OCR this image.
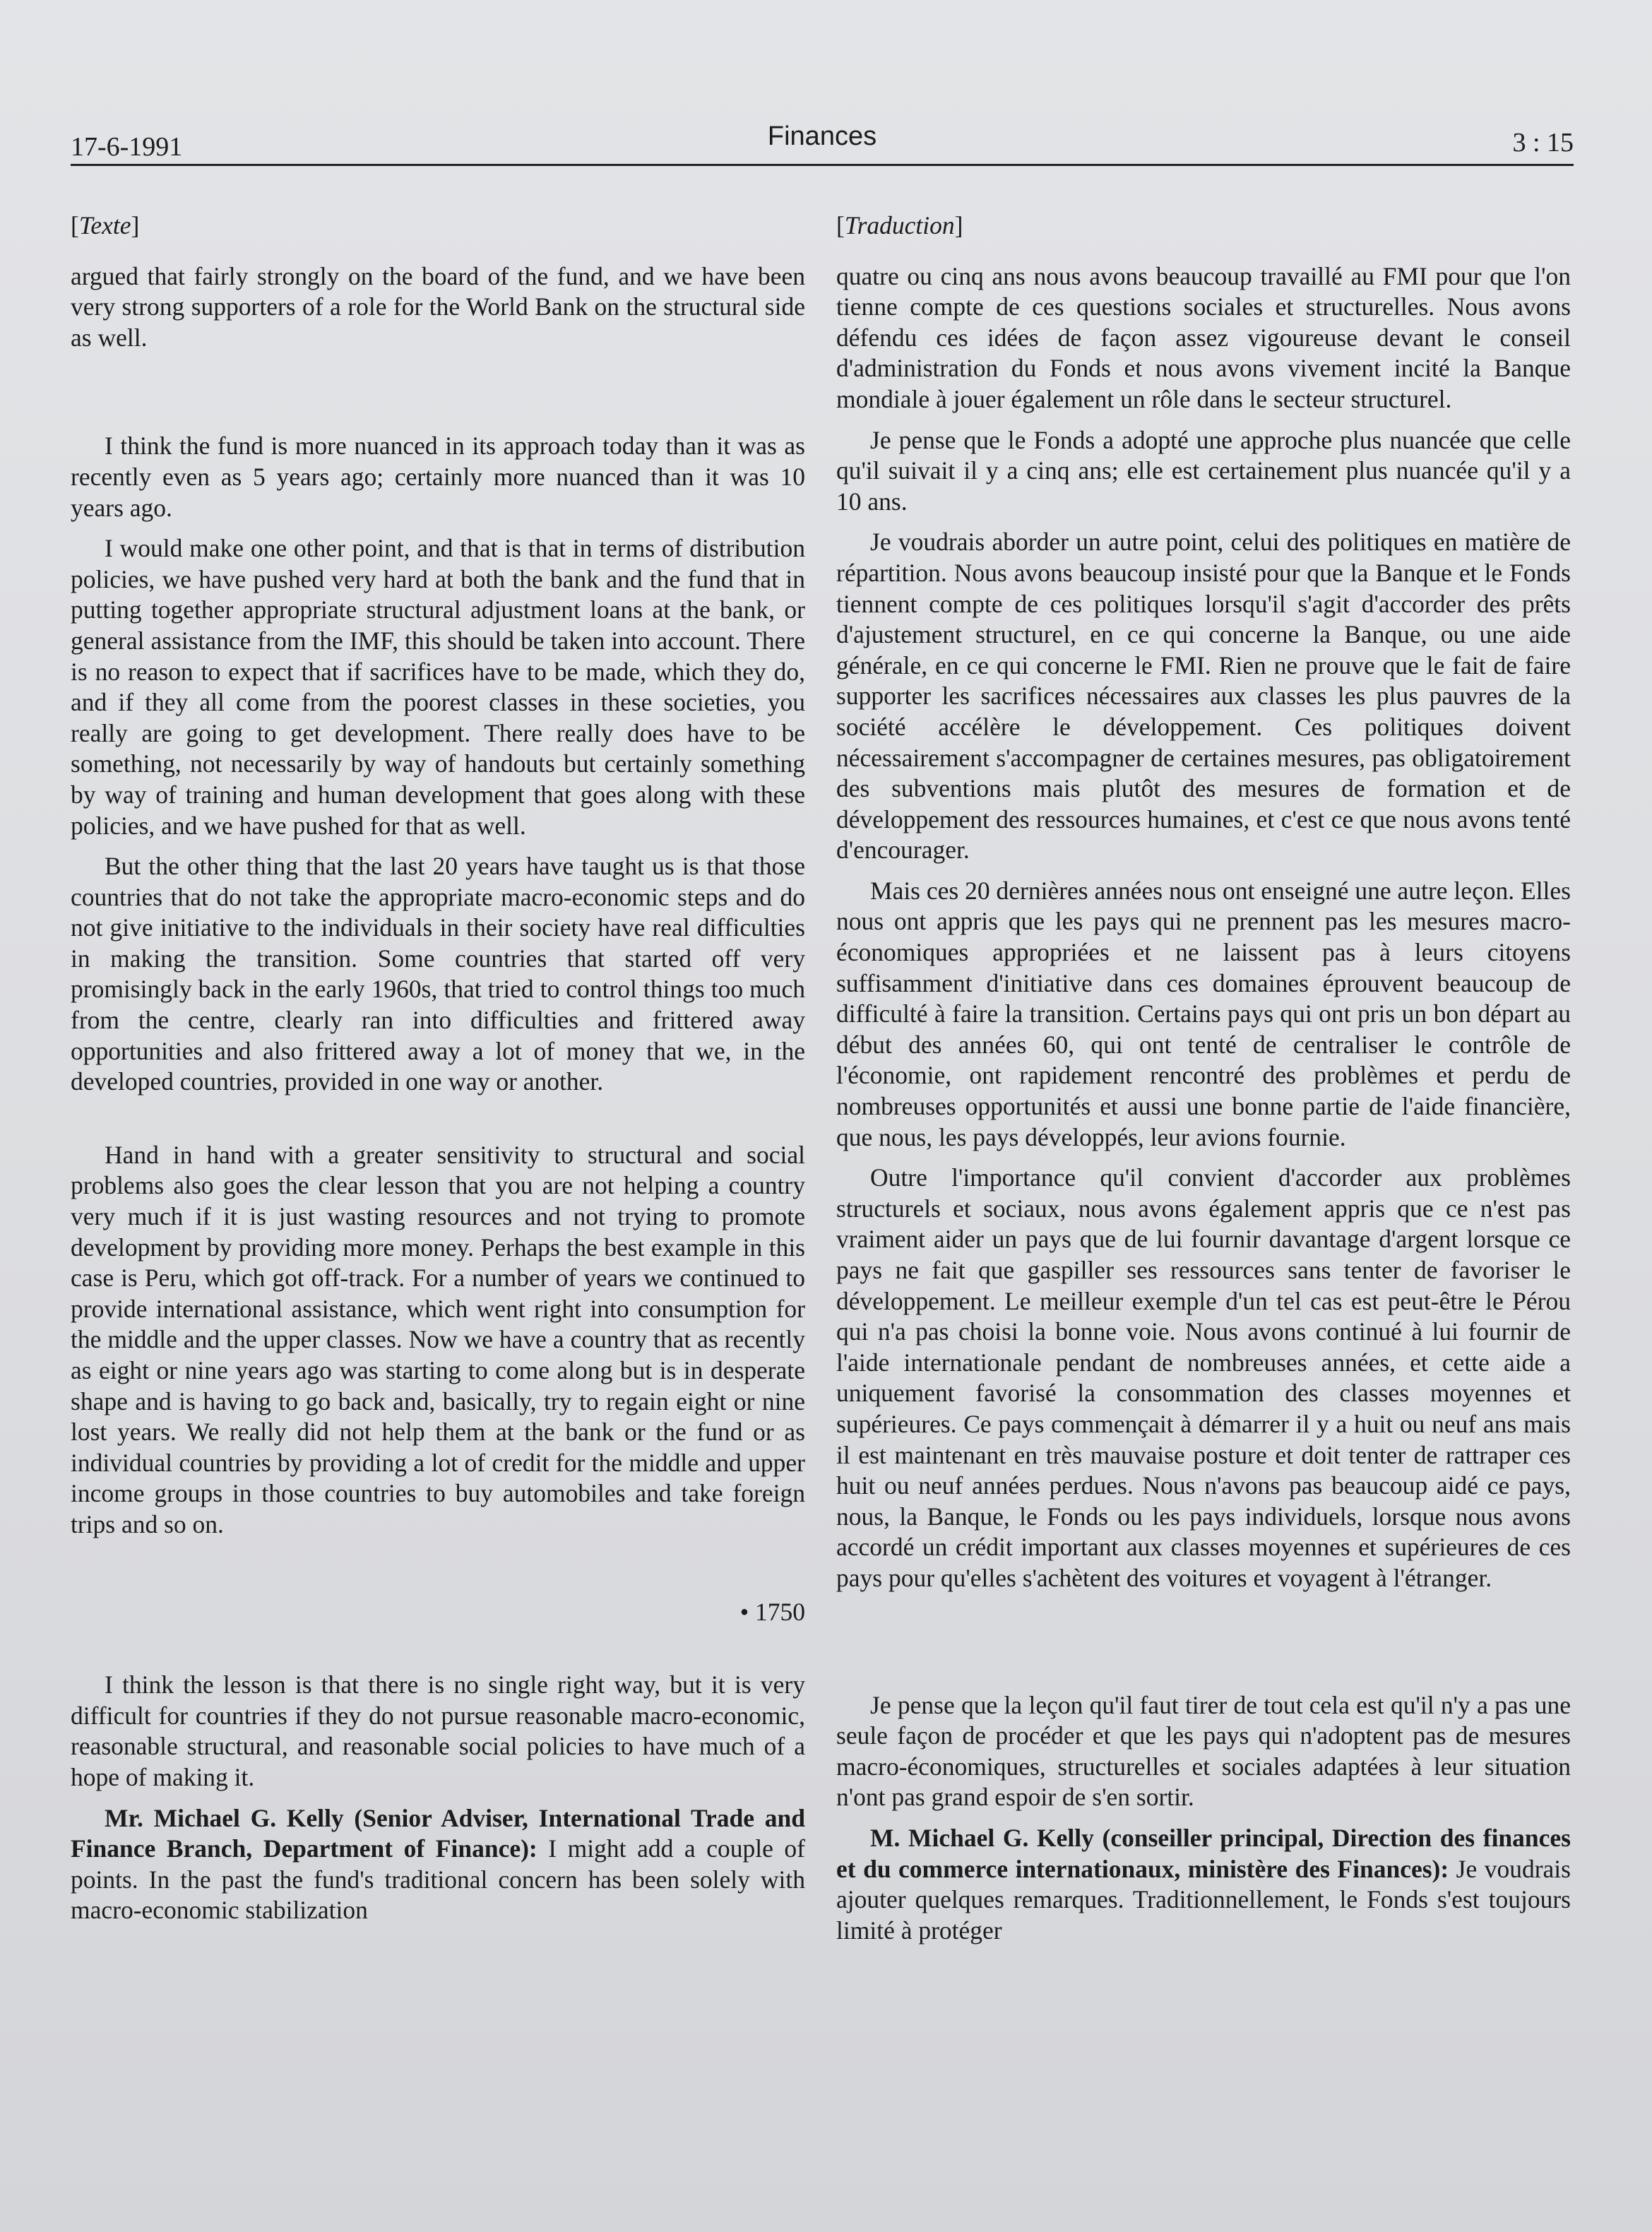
17-6-1991	Finances	3 : 15

[Texte]

argued that fairly strongly on the board of the fund, and we have been very strong supporters of a role for the World Bank on the structural side as well.

I think the fund is more nuanced in its approach today than it was as recently even as 5 years ago; certainly more nuanced than it was 10 years ago.

I would make one other point, and that is that in terms of distribution policies, we have pushed very hard at both the bank and the fund that in putting together appropriate structural adjustment loans at the bank, or general assistance from the IMF, this should be taken into account. There is no reason to expect that if sacrifices have to be made, which they do, and if they all come from the poorest classes in these societies, you really are going to get development. There really does have to be something, not necessarily by way of handouts but certainly something by way of training and human development that goes along with these policies, and we have pushed for that as well.

But the other thing that the last 20 years have taught us is that those countries that do not take the appropriate macro-economic steps and do not give initiative to the individuals in their society have real difficulties in making the transition. Some countries that started off very promisingly back in the early 1960s, that tried to control things too much from the centre, clearly ran into difficulties and frittered away opportunities and also frittered away a lot of money that we, in the developed countries, provided in one way or another.

Hand in hand with a greater sensitivity to structural and social problems also goes the clear lesson that you are not helping a country very much if it is just wasting resources and not trying to promote development by providing more money. Perhaps the best example in this case is Peru, which got off-track. For a number of years we continued to provide international assistance, which went right into consumption for the middle and the upper classes. Now we have a country that as recently as eight or nine years ago was starting to come along but is in desperate shape and is having to go back and, basically, try to regain eight or nine lost years. We really did not help them at the bank or the fund or as individual countries by providing a lot of credit for the middle and upper income groups in those countries to buy automobiles and take foreign trips and so on.

• 1750

I think the lesson is that there is no single right way, but it is very difficult for countries if they do not pursue reasonable macro-economic, reasonable structural, and reasonable social policies to have much of a hope of making it.

Mr. Michael G. Kelly (Senior Adviser, International Trade and Finance Branch, Department of Finance): I might add a couple of points. In the past the fund's traditional concern has been solely with macro-economic stabilization

[Traduction]

quatre ou cinq ans nous avons beaucoup travaillé au FMI pour que l'on tienne compte de ces questions sociales et structurelles. Nous avons défendu ces idées de façon assez vigoureuse devant le conseil d'administration du Fonds et nous avons vivement incité la Banque mondiale à jouer également un rôle dans le secteur structurel.

Je pense que le Fonds a adopté une approche plus nuancée que celle qu'il suivait il y a cinq ans; elle est certainement plus nuancée qu'il y a 10 ans.

Je voudrais aborder un autre point, celui des politiques en matière de répartition. Nous avons beaucoup insisté pour que la Banque et le Fonds tiennent compte de ces politiques lorsqu'il s'agit d'accorder des prêts d'ajustement structurel, en ce qui concerne la Banque, ou une aide générale, en ce qui concerne le FMI. Rien ne prouve que le fait de faire supporter les sacrifices nécessaires aux classes les plus pauvres de la société accélère le développement. Ces politiques doivent nécessairement s'accompagner de certaines mesures, pas obligatoirement des subventions mais plutôt des mesures de formation et de développement des ressources humaines, et c'est ce que nous avons tenté d'encourager.

Mais ces 20 dernières années nous ont enseigné une autre leçon. Elles nous ont appris que les pays qui ne prennent pas les mesures macro-économiques appropriées et ne laissent pas à leurs citoyens suffisamment d'initiative dans ces domaines éprouvent beaucoup de difficulté à faire la transition. Certains pays qui ont pris un bon départ au début des années 60, qui ont tenté de centraliser le contrôle de l'économie, ont rapidement rencontré des problèmes et perdu de nombreuses opportunités et aussi une bonne partie de l'aide financière, que nous, les pays développés, leur avions fournie.

Outre l'importance qu'il convient d'accorder aux problèmes structurels et sociaux, nous avons également appris que ce n'est pas vraiment aider un pays que de lui fournir davantage d'argent lorsque ce pays ne fait que gaspiller ses ressources sans tenter de favoriser le développement. Le meilleur exemple d'un tel cas est peut-être le Pérou qui n'a pas choisi la bonne voie. Nous avons continué à lui fournir de l'aide internationale pendant de nombreuses années, et cette aide a uniquement favorisé la consommation des classes moyennes et supérieures. Ce pays commençait à démarrer il y a huit ou neuf ans mais il est maintenant en très mauvaise posture et doit tenter de rattraper ces huit ou neuf années perdues. Nous n'avons pas beaucoup aidé ce pays, nous, la Banque, le Fonds ou les pays individuels, lorsque nous avons accordé un crédit important aux classes moyennes et supérieures de ces pays pour qu'elles s'achètent des voitures et voyagent à l'étranger.

Je pense que la leçon qu'il faut tirer de tout cela est qu'il n'y a pas une seule façon de procéder et que les pays qui n'adoptent pas de mesures macro-économiques, structurelles et sociales adaptées à leur situation n'ont pas grand espoir de s'en sortir.

M. Michael G. Kelly (conseiller principal, Direction des finances et du commerce internationaux, ministère des Finances): Je voudrais ajouter quelques remarques. Traditionnellement, le Fonds s'est toujours limité à protéger
